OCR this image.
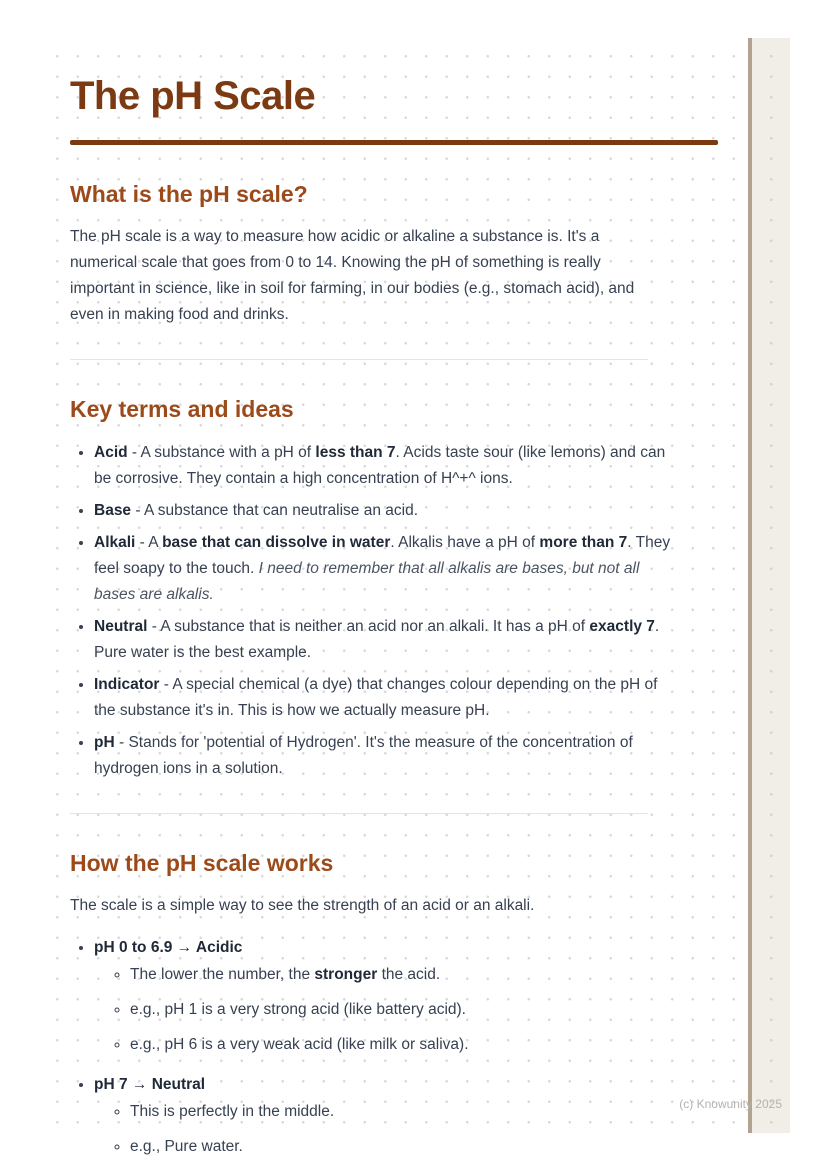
The pH Scale
What is the pH scale?

The pH scale is a way to measure how acidic or alkaline a substance is. It's a numerical scale that goes from 0 to 14. Knowing the pH of something is really important in science, like in soil for farming, in our bodies (e.g., stomach acid), and even in making food and drinks.

Key terms and ideas
• Acid - A substance with a pH of less than 7. Acids taste sour (like lemons) and can be corrosive. They contain a high concentration of H^+^ ions.
• Base - A substance that can neutralise an acid.
• Alkali - A base that can dissolve in water. Alkalis have a pH of more than 7. They feel soapy to the touch. I need to remember that all alkalis are bases, but not all bases are alkalis.
• Neutral - A substance that is neither an acid nor an alkali. It has a pH of exactly 7. Pure water is the best example.
• Indicator - A special chemical (a dye) that changes colour depending on the pH of the substance it's in. This is how we actually measure pH.
• pH - Stands for 'potential of Hydrogen'. It's the measure of the concentration of hydrogen ions in a solution.
How the pH scale works

The scale is a simple way to see the strength of an acid or an alkali.

• pH 0 to 6.9 → Acidic
◦ The lower the number, the stronger the acid.
◦ e.g., pH 1 is a very strong acid (like battery acid).
◦ e.g., pH 6 is a very weak acid (like milk or saliva).
• pH 7 → Neutral
◦ This is perfectly in the middle.
◦ e.g., Pure water.
(c) Knowunity 2025
